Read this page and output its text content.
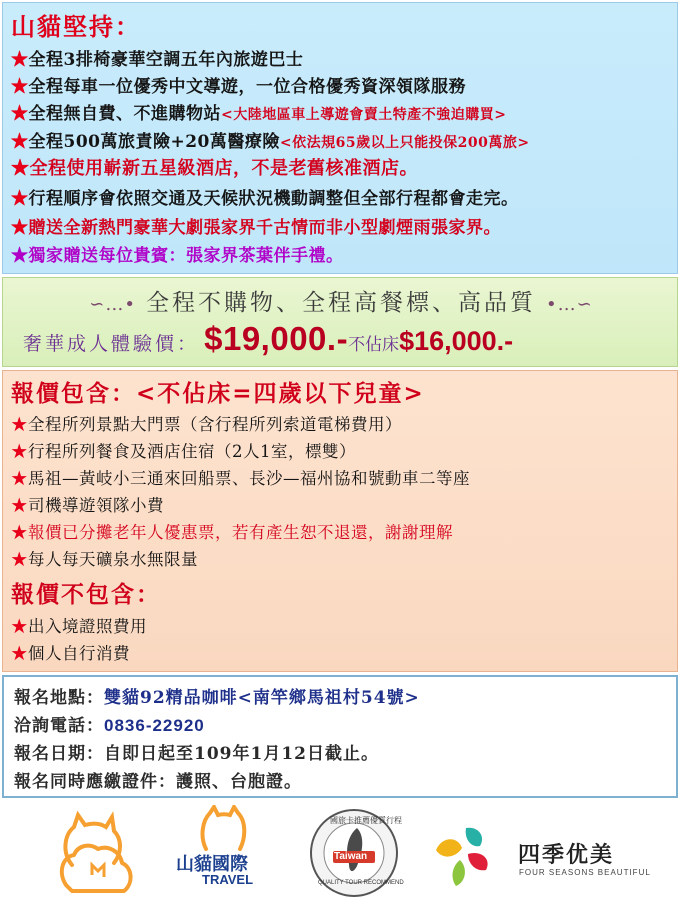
山貓堅持：
★全程3排椅豪華空調五年內旅遊巴士
★全程每車一位優秀中文導遊，一位合格優秀資深領隊服務
★全程無自費、不進購物站<大陸地區車上導遊會賣土特產不強迫購買>
★全程500萬旅責險+20萬醫療險<依法規65歲以上只能投保200萬旅>
★全程使用嶄新五星級酒店，不是老舊核准酒店。
★行程順序會依照交通及天候狀況機動調整但全部行程都會走完。
★贈送全新熱門豪華大劇張家界千古情而非小型劇煙雨張家界。
★獨家贈送每位貴賓：張家界茶葉伴手禮。
∽…• 全程不購物、全程高餐標、高品質 •…∽
奢華成人體驗價： $19,000.-不佔床$16,000.-
報價包含：<不佔床=四歲以下兒童>
★全程所列景點大門票（含行程所列索道電梯費用）
★行程所列餐食及酒店住宿（2人1室，標雙）
★馬祖—黃岐小三通來回船票、長沙—福州協和號動車二等座
★司機導遊領隊小費
★報價已分攤老年人優惠票，若有產生恕不退還，謝謝理解
★每人每天礦泉水無限量
報價不包含：
★出入境證照費用
★個人自行消費
報名地點：雙貓92精品咖啡<南竿鄉馬祖村54號>
洽詢電話：0836-22920
報名日期：自即日起至109年1月12日截止。
報名同時應繳證件：護照、台胞證。
山貓國際
TRAVEL
國旅卡推薦優質行程
Taiwan
QUALITY TOUR RECOMMEND
四季优美
FOUR SEASONS BEAUTIFUL
